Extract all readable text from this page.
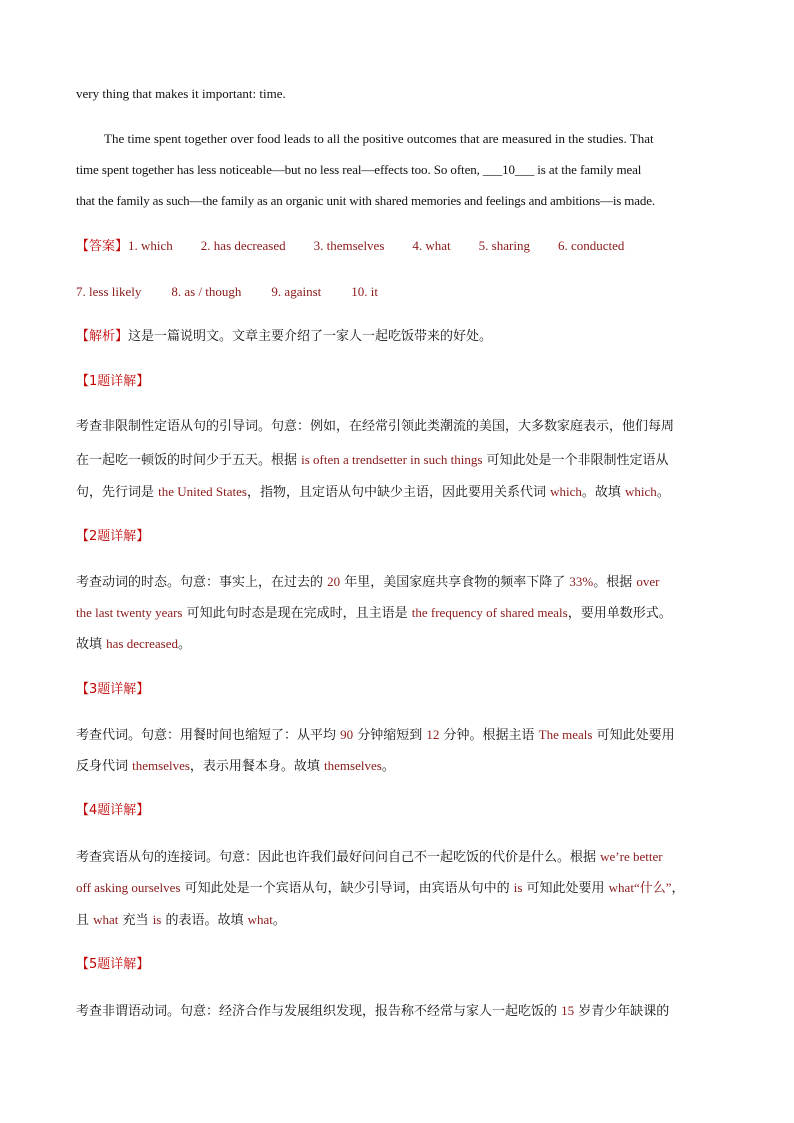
very thing that makes it important: time.
The time spent together over food leads to all the positive outcomes that are measured in the studies. That
time spent together has less noticeable—but no less real—effects too. So often, ___10___ is at the family meal
that the family as such—the family as an organic unit with shared memories and feelings and ambitions—is made.
【答案】1. which 2. has decreased 3. themselves 4. what 5. sharing 6. conducted
7. less likely 8. as / though 9. against 10. it
【解析】这是一篇说明文。文章主要介绍了一家人一起吃饭带来的好处。
【1题详解】
考查非限制性定语从句的引导词。句意：例如，在经常引领此类潮流的美国，大多数家庭表示，他们每周
在一起吃一顿饭的时间少于五天。根据 is often a trendsetter in such things 可知此处是一个非限制性定语从
句，先行词是 the United States，指物，且定语从句中缺少主语，因此要用关系代词 which。故填 which。
【2题详解】
考查动词的时态。句意：事实上，在过去的 20 年里，美国家庭共享食物的频率下降了 33%。根据 over
the last twenty years 可知此句时态是现在完成时，且主语是 the frequency of shared meals，要用单数形式。
故填 has decreased。
【3题详解】
考查代词。句意：用餐时间也缩短了：从平均 90 分钟缩短到 12 分钟。根据主语 The meals 可知此处要用
反身代词 themselves，表示用餐本身。故填 themselves。
【4题详解】
考查宾语从句的连接词。句意：因此也许我们最好问问自己不一起吃饭的代价是什么。根据 we’re better
off asking ourselves 可知此处是一个宾语从句，缺少引导词，由宾语从句中的 is 可知此处要用 what“什么”，
且 what 充当 is 的表语。故填 what。
【5题详解】
考查非谓语动词。句意：经济合作与发展组织发现，报告称不经常与家人一起吃饭的 15 岁青少年缺课的
